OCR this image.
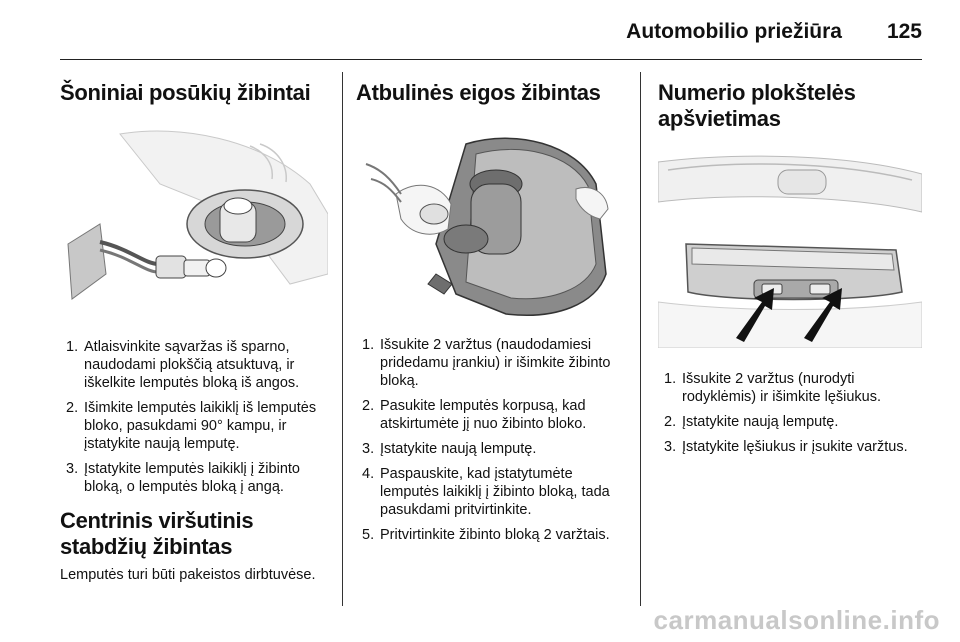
Automobilio priežiūra 125
Šoniniai posūkių žibintai
1. Atlaisvinkite sąvaržas iš sparno, naudodami plokščią atsuktuvą, ir iškelkite lemputės bloką iš angos.
2. Išimkite lemputės laikiklį iš lemputės bloko, pasukdami 90° kampu, ir įstatykite naują lemputę.
3. Įstatykite lemputės laikiklį į žibinto bloką, o lemputės bloką į angą.
Centrinis viršutinis
stabdžių žibintas

Lemputės turi būti pakeistos dirbtuvėse.

Atbulinės eigos žibintas
1. Išsukite 2 varžtus (naudodamiesi pridedamu įrankiu) ir išimkite žibinto bloką.
2. Pasukite lemputės korpusą, kad atskirtumėte jį nuo žibinto bloko.
3. Įstatykite naują lemputę.
4. Paspauskite, kad įstatytumėte lemputės laikiklį į žibinto bloką, tada pasukdami pritvirtinkite.
5. Pritvirtinkite žibinto bloką 2 varžtais.
Numerio plokštelės
apšvietimas
1. Išsukite 2 varžtus (nurodyti rodyklėmis) ir išimkite lęšiukus.
2. Įstatykite naują lemputę.
3. Įstatykite lęšiukus ir įsukite varžtus.
carmanualsonline.info
